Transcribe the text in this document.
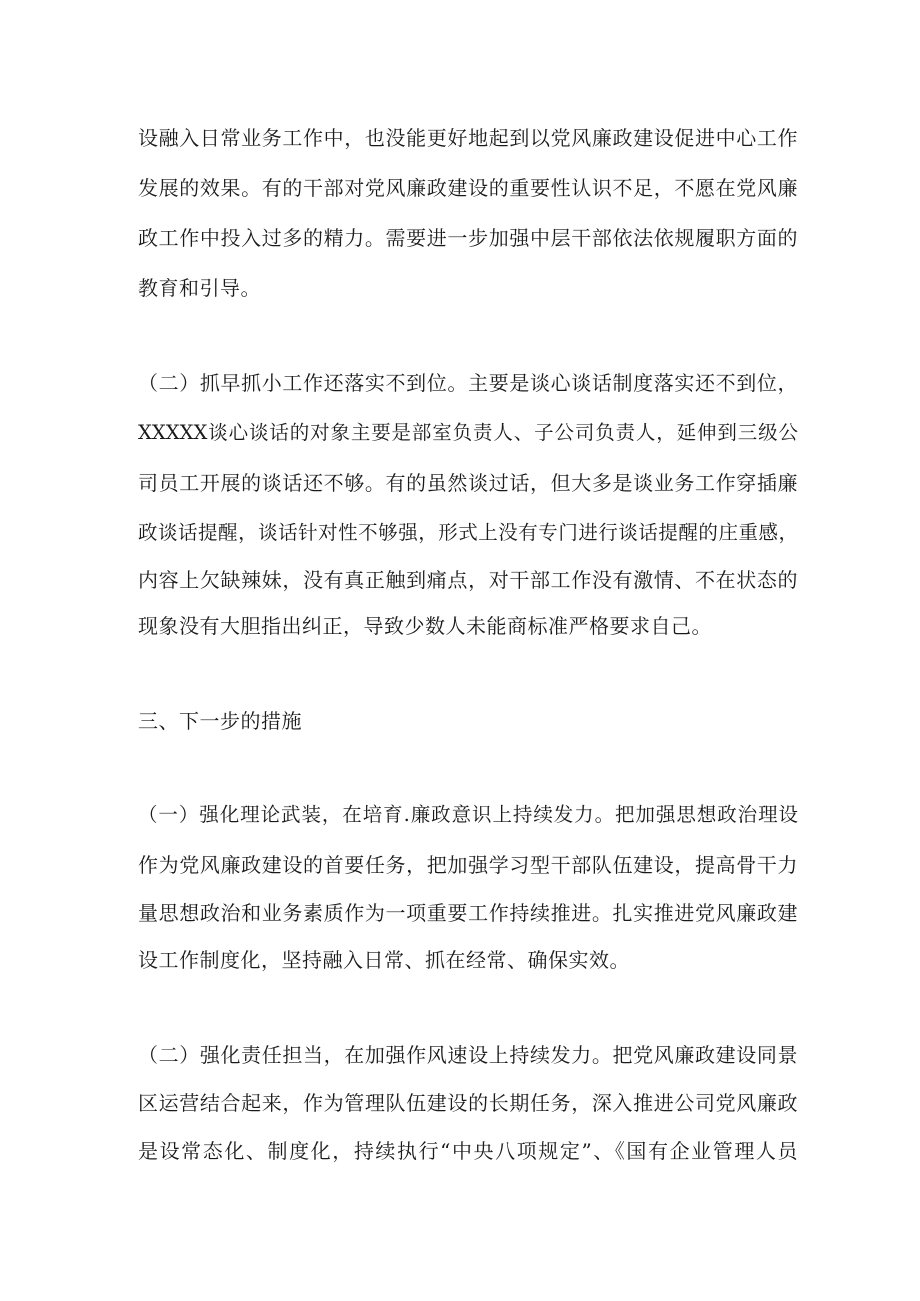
设融入日常业务工作中，也没能更好地起到以党风廉政建设促进中心工作
发展的效果。有的干部对党风廉政建设的重要性认识不足，不愿在党风廉
政工作中投入过多的精力。需要进一步加强中层干部依法依规履职方面的
教育和引导。
（二）抓早抓小工作还落实不到位。主要是谈心谈话制度落实还不到位，
XXXXX谈心谈话的对象主要是部室负责人、子公司负责人，延伸到三级公
司员工开展的谈话还不够。有的虽然谈过话，但大多是谈业务工作穿插廉
政谈话提醒，谈话针对性不够强，形式上没有专门进行谈话提醒的庄重感，
内容上欠缺辣妹，没有真正触到痛点，对干部工作没有激情、不在状态的
现象没有大胆指出纠正，导致少数人未能商标准严格要求自己。
三、下一步的措施
（一）强化理论武装，在培育.廉政意识上持续发力。把加强思想政治理设
作为党风廉政建设的首要任务，把加强学习型干部队伍建设，提高骨干力
量思想政治和业务素质作为一项重要工作持续推进。扎实推进党风廉政建
设工作制度化，坚持融入日常、抓在经常、确保实效。
（二）强化责任担当，在加强作风速设上持续发力。把党风廉政建设同景
区运营结合起来，作为管理队伍建设的长期任务，深入推进公司党风廉政
是设常态化、制度化，持续执行“中央八项规定”、《国有企业管理人员
